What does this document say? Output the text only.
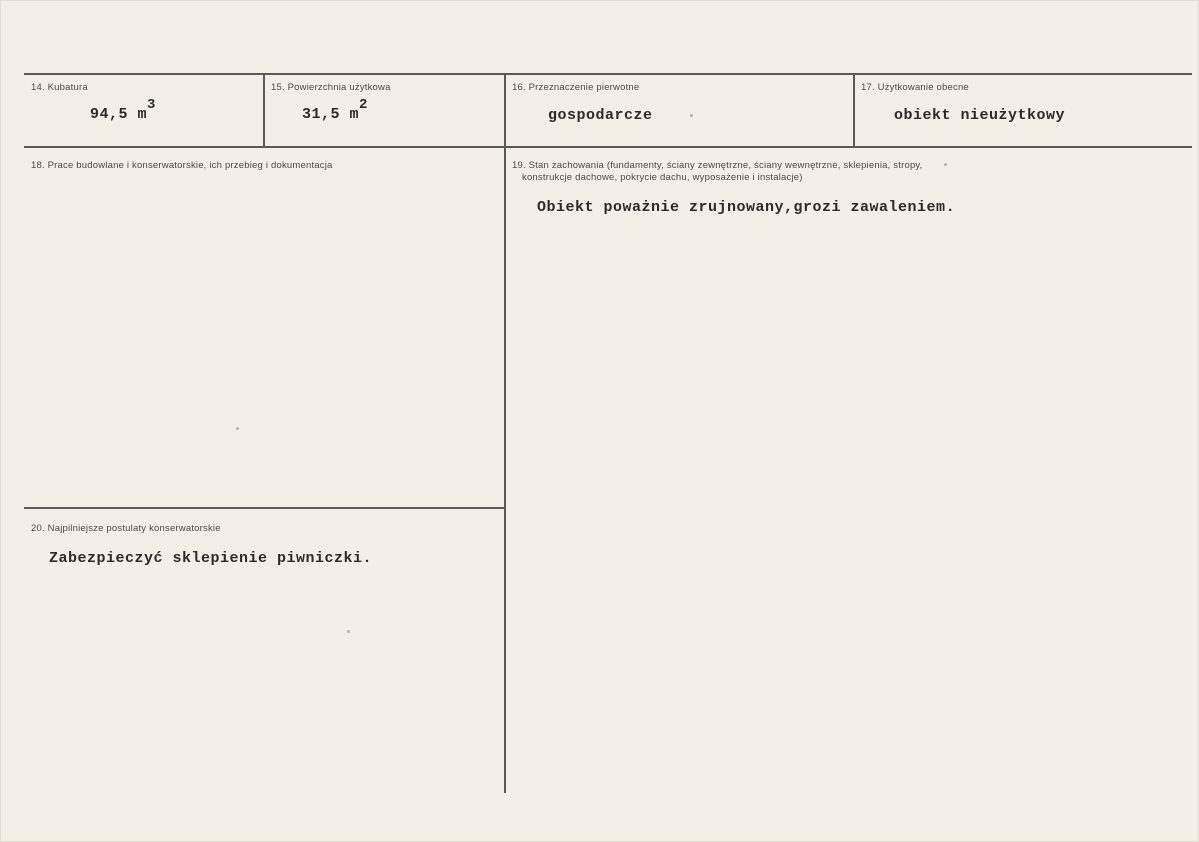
14. Kubatura
94,5 m3
15. Powierzchnia użytkowa
31,5 m2
16. Przeznaczenie pierwotne
gospodarcze
17. Użytkowanie obecne
obiekt nieużytkowy
18. Prace budowlane i konserwatorskie, ich przebieg i dokumentacja	19. Stan zachowania (fundamenty, ściany zewnętrzne, ściany wewnętrzne, sklepienia, stropy,
konstrukcje dachowe, pokrycie dachu, wyposażenie i instalacje)
Obiekt poważnie zrujnowany,grozi zawaleniem.
20. Najpilniejsze postulaty konserwatorskie
Zabezpieczyć sklepienie piwniczki.
